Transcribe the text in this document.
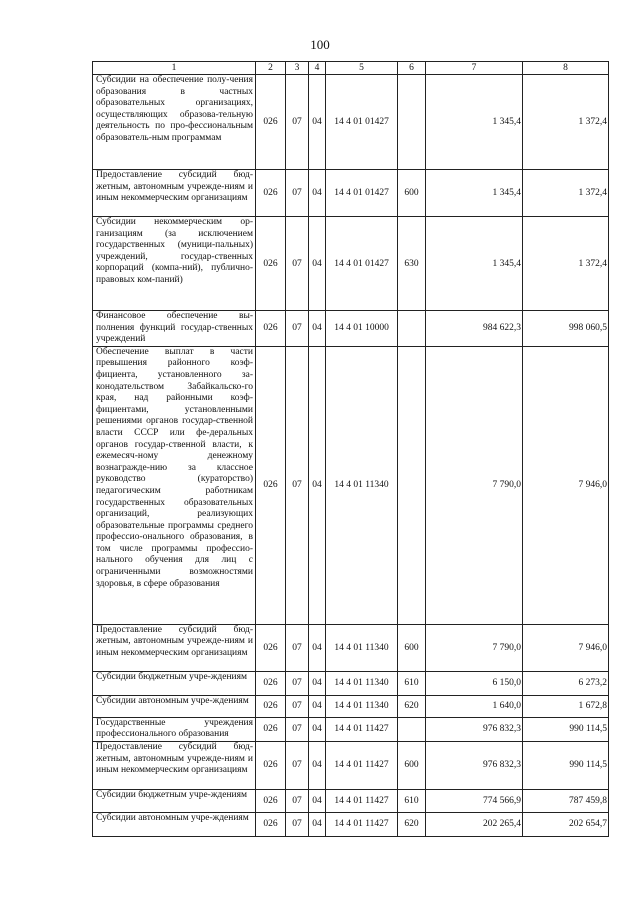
100
1	2	3	4	5	6	7	8
Субсидии на обеспечение полу-чения образования в частных образовательных организациях, осуществляющих образова-тельную деятельность по про-фессиональным образователь-ным программам	026	07	04	14 4 01 01427		1 345,4	1 372,4
Предоставление субсидий бюд-жетным, автономным учрежде-ниям и иным некоммерческим организациям	026	07	04	14 4 01 01427	600	1 345,4	1 372,4
Субсидии некоммерческим ор-ганизациям (за исключением государственных (муници-пальных) учреждений, государ-ственных корпораций (компа-ний), публично-правовых ком-паний)	026	07	04	14 4 01 01427	630	1 345,4	1 372,4
Финансовое обеспечение вы-полнения функций государ-ственных учреждений	026	07	04	14 4 01 10000		984 622,3	998 060,5
Обеспечение выплат в части превышения районного коэф-фициента, установленного за-конодательством Забайкальско-го края, над районными коэф-фициентами, установленными решениями органов государ-ственной власти СССР или фе-деральных органов государ-ственной власти, к ежемесяч-ному денежному вознагражде-нию за классное руководство (кураторство) педагогическим работникам государственных образовательных организаций, реализующих образовательные программы среднего профессио-онального образования, в том числе программы профессио-нального обучения для лиц с ограниченными возможностями здоровья, в сфере образования	026	07	04	14 4 01 11340		7 790,0	7 946,0
Предоставление субсидий бюд-жетным, автономным учрежде-ниям и иным некоммерческим организациям	026	07	04	14 4 01 11340	600	7 790,0	7 946,0
Субсидии бюджетным учре-ждениям	026	07	04	14 4 01 11340	610	6 150,0	6 273,2
Субсидии автономным учре-ждениям	026	07	04	14 4 01 11340	620	1 640,0	1 672,8
Государственные учреждения профессионального образования	026	07	04	14 4 01 11427		976 832,3	990 114,5
Предоставление субсидий бюд-жетным, автономным учрежде-ниям и иным некоммерческим организациям	026	07	04	14 4 01 11427	600	976 832,3	990 114,5
Субсидии бюджетным учре-ждениям	026	07	04	14 4 01 11427	610	774 566,9	787 459,8
Субсидии автономным учре-ждениям	026	07	04	14 4 01 11427	620	202 265,4	202 654,7
